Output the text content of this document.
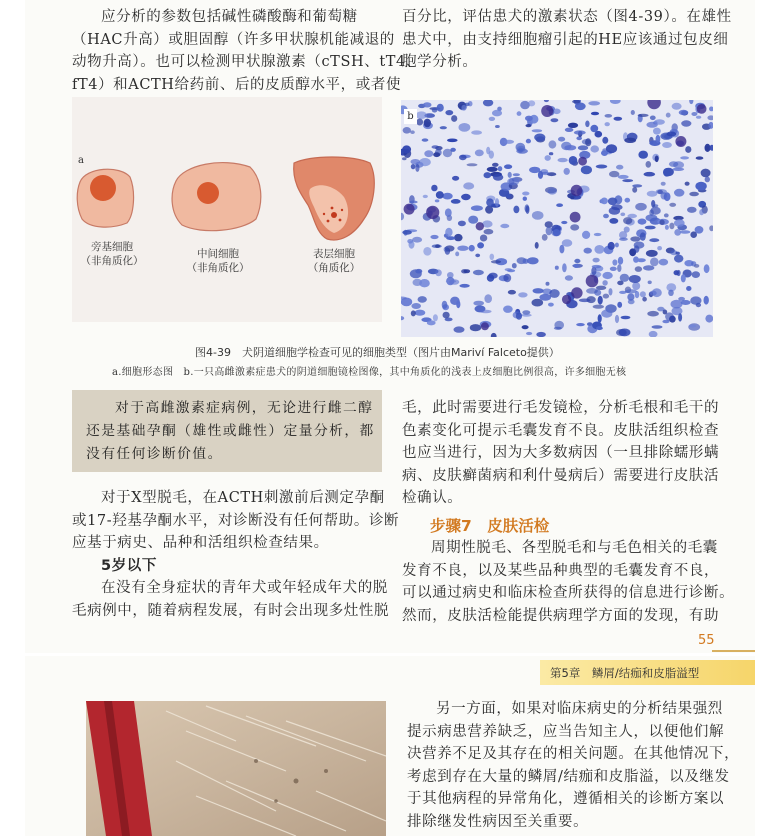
应分析的参数包括碱性磷酸酶和葡萄糖
（HAC升高）或胆固醇（许多甲状腺机能减退的
动物升高）。也可以检测甲状腺激素（cTSH、tT4、
fT4）和ACTH给药前、后的皮质醇水平，或者使
百分比，评估患犬的激素状态（图4-39）。在雄性
患犬中，由支持细胞瘤引起的HE应该通过包皮细
胞学分析。
a
旁基细胞
（非角质化）
中间细胞
（非角质化）
表层细胞
（角质化）
b
图4-39　犬阴道细胞学检查可见的细胞类型（图片由Mariví Falceto提供）
a.细胞形态图　b.一只高雌激素症患犬的阴道细胞镜检图像，其中角质化的浅表上皮细胞比例很高，许多细胞无核
对于高雌激素症病例，无论进行雌二醇
还是基础孕酮（雄性或雌性）定量分析，都
没有任何诊断价值。
对于X型脱毛，在ACTH刺激前后测定孕酮
或17-羟基孕酮水平，对诊断没有任何帮助。诊断
应基于病史、品种和活组织检查结果。
5岁以下
在没有全身症状的青年犬或年轻成年犬的脱
毛病例中，随着病程发展，有时会出现多灶性脱
毛，此时需要进行毛发镜检，分析毛根和毛干的
色素变化可提示毛囊发育不良。皮肤活组织检查
也应当进行，因为大多数病因（一旦排除蠕形螨
病、皮肤癣菌病和利什曼病后）需要进行皮肤活
检确认。
步骤7　皮肤活检
周期性脱毛、各型脱毛和与毛色相关的毛囊
发育不良，以及某些品种典型的毛囊发育不良，
可以通过病史和临床检查所获得的信息进行诊断。
然而，皮肤活检能提供病理学方面的发现，有助
55
第5章　鳞屑/结痂和皮脂溢型
另一方面，如果对临床病史的分析结果强烈
提示病患营养缺乏，应当告知主人，以便他们解
决营养不足及其存在的相关问题。在其他情况下，
考虑到存在大量的鳞屑/结痂和皮脂溢，以及继发
于其他病程的异常角化，遵循相关的诊断方案以
排除继发性病因至关重要。
